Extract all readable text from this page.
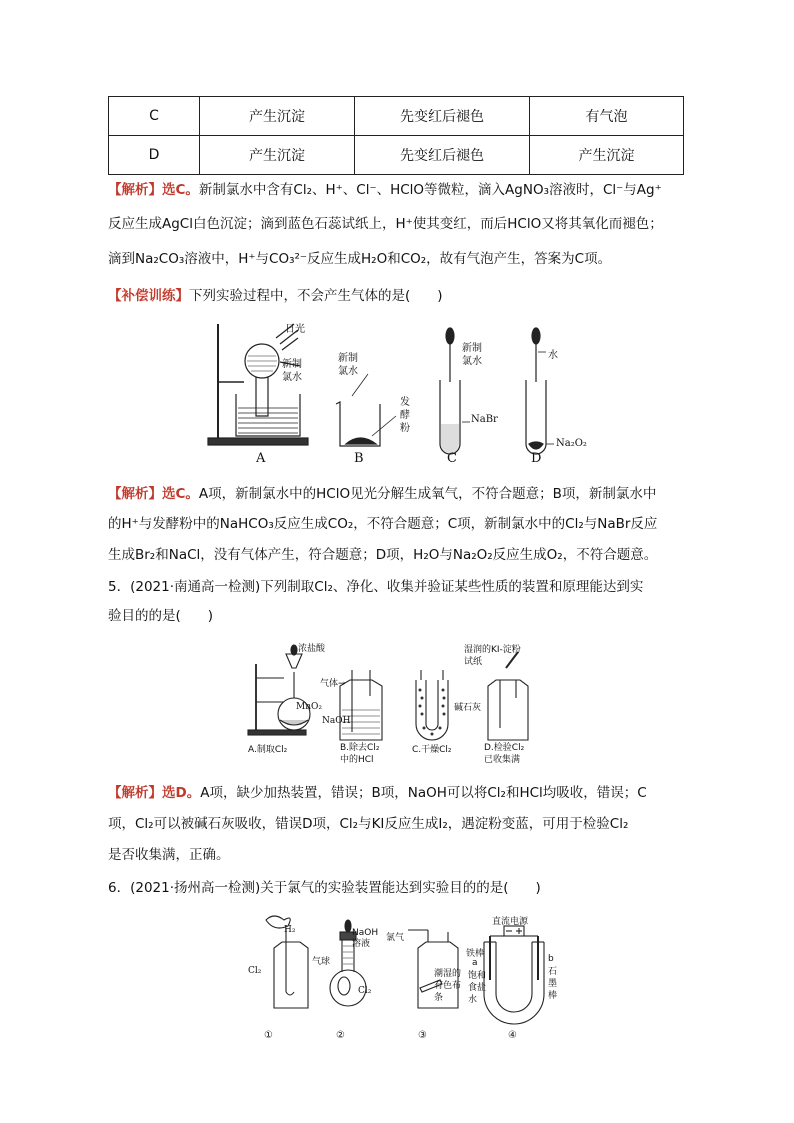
C	产生沉淀	先变红后褪色	有气泡
D	产生沉淀	先变红后褪色	产生沉淀
【解析】选C。新制氯水中含有Cl₂、H⁺、Cl⁻、HClO等微粒，滴入AgNO₃溶液时，Cl⁻与Ag⁺
反应生成AgCl白色沉淀；滴到蓝色石蕊试纸上，H⁺使其变红，而后HClO又将其氧化而褪色；
滴到Na₂CO₃溶液中，H⁺与CO₃²⁻反应生成H₂O和CO₂，故有气泡产生，答案为C项。
【补偿训练】下列实验过程中，不会产生气体的是(　　)
日光
新制氯水
新制氯水
发酵粉
新制氯水
NaBr
水
Na₂O₂
A	B	C	D
【解析】选C。A项，新制氯水中的HClO见光分解生成氧气，不符合题意；B项，新制氯水中
的H⁺与发酵粉中的NaHCO₃反应生成CO₂，不符合题意；C项，新制氯水中的Cl₂与NaBr反应
生成Br₂和NaCl，没有气体产生，符合题意；D项，H₂O与Na₂O₂反应生成O₂，不符合题意。
5．(2021·南通高一检测)下列制取Cl₂、净化、收集并验证某些性质的装置和原理能达到实
验目的的是(　　)
浓盐酸
气体→
MnO₂
NaOH
碱石灰
湿润的KI-淀粉试纸
A.制取Cl₂	B.除去Cl₂中的HCl
C.干燥Cl₂	D.检验Cl₂已收集满
【解析】选D。A项，缺少加热装置，错误；B项，NaOH可以将Cl₂和HCl均吸收，错误；C
项，Cl₂可以被碱石灰吸收，错误D项，Cl₂与KI反应生成I₂，遇淀粉变蓝，可用于检验Cl₂
是否收集满，正确。
6．(2021·扬州高一检测)关于氯气的实验装置能达到实验目的的是(　　)
H₂
Cl₂
NaOH溶液
气球
Cl₂
氯气
潮湿的有色布条
直流电源
铁棒
a	b
石墨棒
饱和食盐水
①	②	③	④
